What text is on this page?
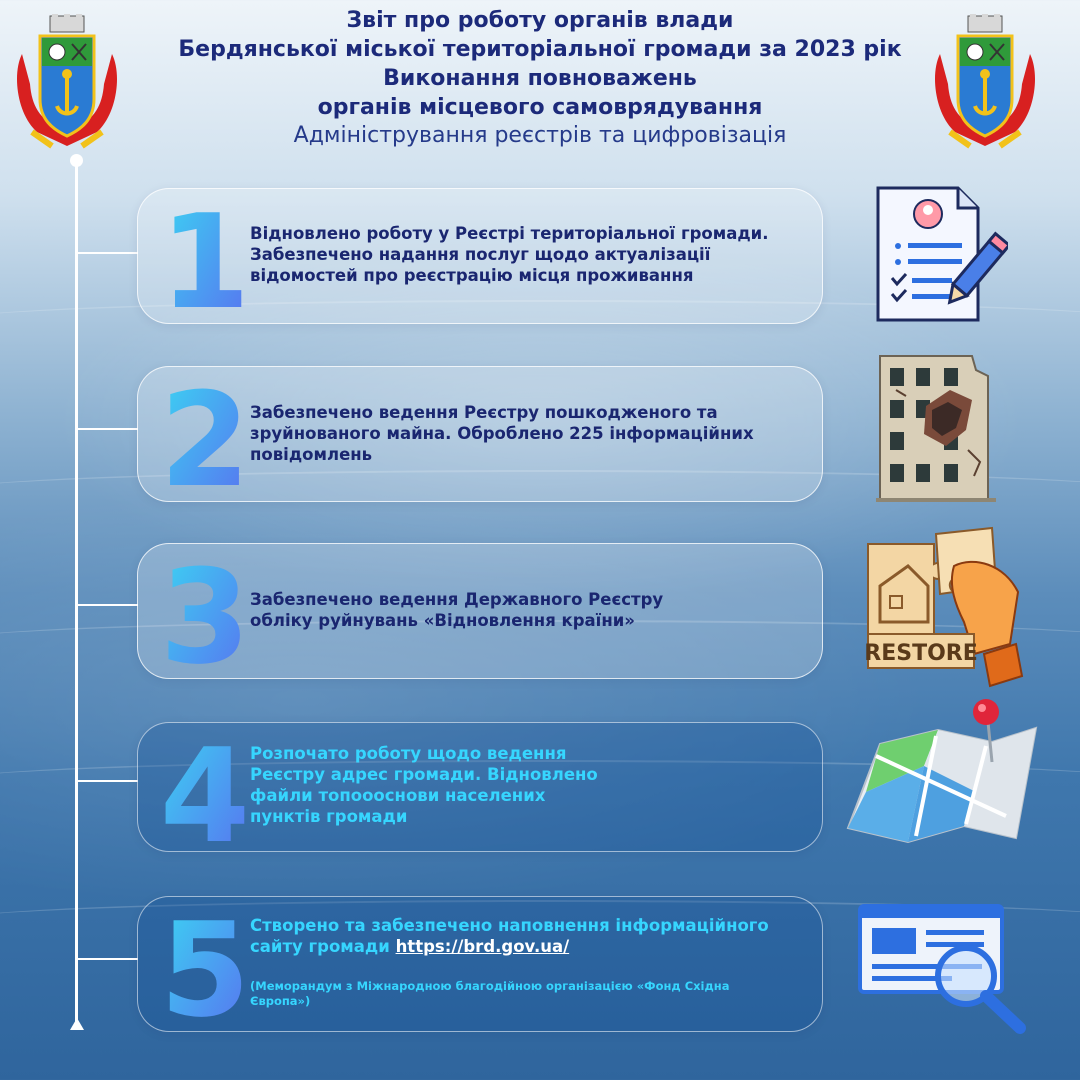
Звіт про роботу органів влади
Бердянської міської територіальної громади за 2023 рік
Виконання повноважень
органів місцевого самоврядування
Адміністрування реєстрів та цифровізація
1 Відновлено роботу у Реєстрі територіальної громади.
Забезпечено надання послуг щодо актуалізації
відомостей про реєстрацію місця проживання
2 Забезпечено ведення Реєстру пошкодженого та
зруйнованого майна. Оброблено 225 інформаційних
повідомлень
3 Забезпечено ведення Державного Реєстру
обліку руйнувань «Відновлення країни»
4 Розпочато роботу щодо ведення
Реєстру адрес громади. Відновлено
файли топоооснови населених
пунктів громади
5 Створено та забезпечено наповнення інформаційного
сайту громади https://brd.gov.ua/
(Меморандум з Міжнародною благодійною організацією «Фонд Східна Європа»)
RESTORE
